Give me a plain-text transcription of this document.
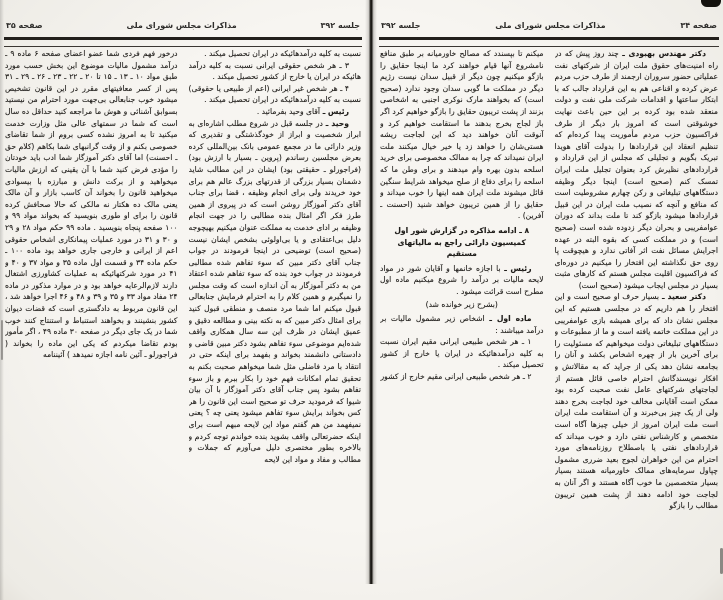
صفحه ۳۴
مذاکرات مجلس شورای ملی
جلسه ۳۹۲

دکتر مهندس بهبودی ـ چند روز پیش که در راه امنیت‌های حقوق ملت ایران از شرکتهای نفت عملیاتی حضور سروران ارجمند از طرف حزب مردم عرض کرده و اقناعی هم به این قرارداد جالب که با ابتکار ساعتها و اقدامات شرکت ملی نفت و دولت منعقد شده بود کرده بر این حین باعث نهایت خوشوقتی است که امروز بار دیگر از طرف فراکسیون حزب مردم مأموریت پیدا کرده‌ام که تنظیم انعقاد این قراردادها را بدولت آقای هویدا تبریک بگویم و تجلیلی که مجلس از این قرارداد و قراردادهای نظیرش کرد بعنوان تجلیل ملت ایران تمسک کنم (صحیح است) اینجا دیگر وظیفه دستگاههای تبلیغاتی و رکن چهارم مشروطیت است که منافع و آنچه که نصیب ملت ایران در این قبیل قراردادها میشود بازگو کند تا ملت بداند که دوران عوامفریبی و بحران دیگر زدوده شده است (صحیح است) و در مملکت کسی که بقوه البته در عهده اجرایش مسائل نفت اثر آفاتی ندارد و هیچوقت پا روی حق نگذاشته این افتخار را میکنیم در دوره‌ای که فراکسیون اقلیت مجلس هستم که کارهای مثبت بسیار در مجلس ایجاب میشود (صحیح است)

دکتر سعید ـ بسیار حرف او صحیح است و این افتخار را هم داریم که در مجلسی هستیم که این مجلس نشان داد که برای همیشه بازی عوامفریبی در این مملکت خاتمه یافته است و ما از مطبوعات و دستگاههای تبلیغاتی دولت میخواهیم که مسئولیت را برای آخرین بار از چهره اشخاص بکشد و آنان را بجامعه نشان دهد یکی از جراید که به مقالاتش و افکار نویسندگانش احترام خاصی قائل هستم از لجاجتهای شرکتهای عامل نفت صحبت کرده بود ممکن است آقایانی مخالف خود لجاجت بخرج دهند ولی از یک چیز بی‌خبرند و آن استقامت ملت ایران است ملت ایران امروز از خیلی چیزها آگاه است متخصص و کارشناس نفتی دارد و خوب میداند که قراردادهای نفتی یا باصطلاح روزنامه‌های مورد احترام من این خواهران لجوج بعید ضرری مشمول چپاول سرمایه‌های ممالک خاورمیانه هستند بسیار بسیار متخصصین ما خوب آگاه هستند و اگر آنان به لجاجت خود ادامه دهند از پشت همین تریبون مطالب را بازگو

میکنم تا بپسندد که مصالح خاورمیانه بر طبق منافع نامشروع آنها قیام خواهند کرد ما اینجا حقایق را بازگو میکنیم چون دیگر از قبیل سدان نیست رژیم دیگر در مملکت ما گوبی سدان وجود ندارد (صحیح است) که بخواهند مارک نوکری اجنبی به اشخاصی بزنند از پشت تریبون حقایق را بازگو خواهیم کرد اگر باز لجاج بخرج بدهند ما استقامت خواهیم کرد و آنوقت آنان خواهند دید که این لجاجت ریشه هستی‌شان را خواهد زد یا خیر خیال میکنند ملت ایران نمیداند که چرا به ممالک مخصوصی برای خرید اسلحه بدون بهره وام میدهند و برای وطن ما که اسلحه را برای دفاع از صلح میخواهد شرایط سنگین قائل میشوند ملت ایران همه اینها را خوب میداند و حقایق را از همین تریبون خواهد شنید (احسنت ـ آفرین) .

۸ ـ ادامه مذاکره در گزارش شور اول کمیسیون دارائی راجع به مالیاتهای مستقیم

رئیس ـ با اجازه خانمها و آقایان شور در مواد لایحه مالیات بر درآمد را شروع میکنیم ماده اول مطرح است قرائت میشود .

(بشرح زیر خوانده شد)

ماده اول ـ اشخاص زیر مشمول مالیات بر درآمد میباشند :

۱ ـ هر شخص طبیعی ایرانی مقیم ایران نسبت به کلیه درآمدهائیکه در ایران یا خارج از کشور تحصیل میکند .

۲ ـ هر شخص طبیعی ایرانی مقیم خارج از کشور

جلسه ۳۹۲
مذاکرات مجلس شورای ملی
صفحه ۳۵

نسبت به کلیه درآمدهائیکه در ایران تحصیل میکند .

۳ ـ هر شخص حقوقی ایرانی نسبت به کلیه درآمد هائیکه در ایران یا خارج از کشور تحصیل میکند .

۴ ـ هر شخص غیر ایرانی (اعم از طبیعی یا حقوقی) نسبت به کلیه درآمدهائیکه در ایران تحصیل میکند .

رئیس ـ آقای وحید بفرمائید .

وحید ـ در جلسه قبل در شروع مطلب اشاره‌ای به ابراز شخصیت و ابراز از خودگذشتگی و تقدیری که وزیر دارائی ما در مجمع عمومی بانک بین‌المللی کرده بعرض مجلسین رساندم (پروین ـ بسیار با ارزش بود) (فراجورلو ـ حقیقتی بود) ایشان در این مطالب شاید دشمنان بسیار بزرگی از قدرتهای بزرگ عالم هم برای خود خریدند ولی برای انجام وظیفه ، قضا برای جناب آقای دکتر آموزگار روشن است که در پیروی از همین طرز فکر اگر امثال بنده مطالبی را در جهت انجام وظیفه بر ادای خدمت به مملکت عنوان میکنیم بهیچوجه دلیل بی‌اعتقادی و یا بی‌اولوئی بشخص ایشان نیست (صحیح است) توضیحی در اینجا فرمودند در جواب جناب آقای دکتر مبین که سوء تفاهم شده مطالبی فرمودند در جواب خود بنده که سوء تفاهم شده اعتقاد من به دکتر آموزگار به آن اندازه است که وقت مجلس را نمیگیرم و همین کلام را به احترام فرمایش جنابعالی قبول میکنم اما شما مرد منصف و منطقی قبول کنید برای امثال دکتر مبین که به نکته بینی و مطالعه دقیق و عمیق ایشان در ظرف این سه سال همکاری واقف شده‌ایم موضوعی سوء تفاهم بشود دکتر مبین قاضی و دادستانی دانشمند بخواند و بفهمد برای اینکه حتی در انتقاد با مرد فاضلی مثل شما میخواهم صحبت بکنم به تحقیق تمام امکانات فهم خود را بکار ببرم و باز سوء تفاهم بشود پس جناب آقای دکتر آموزگار با آن بیان شیوا که فرمودید حرف تو صحیح است این قانون را هر کس بخواند برایش سوء تفاهم میشود یعنی چه ؟ یعنی نمیفهمد من هم گفتم مواد این لایحه مبهم است برای اینکه حضرتعالی واقف بشوید بنده خواندم توجه کردم و بالاخره بطور مختصری دلیل می‌آورم که جملات و مطالب و مفاد و مواد این لایحه

درخور فهم فردی شما عضو اعضای صفحه ۶ ماده ۹ ـ درآمد مشمول مالیات موضوع این بخش حسب مورد طبق مواد ۱۰ ـ ۱۳ ـ ۱۵ تا ۲۰ ـ ۲۲ ـ ۲۳ ـ ۲۶ ـ ۲۹ ـ ۳۱ پس از کسر معافیتهای مقرر در این قانون تشخیص میشود خوب جنابعالی بی‌جهت مورد احترام من نیستید بسوابق آشنائی و هوش ما مراجعه کنید حداقل ده سال است که شما در سمتهای عالی مثل وزارت خدمت میکنید تا به امروز نشده کسی بروم از شما تقاضای خصوصی بکنم و از وقت گرانبهای شما بکاهم (کلام حق ـ احسنت) اما آقای دکتر آموزگار شما ادب باید خودتان را مؤدی فرض کنید شما با آن یقینی که ارزش مالیات میخواهید و از برکت دانش و مبارزه با بیسوادی میخواهید قانون را بخواند آن کاسب بازار و آن مالک یعنی مالک ده هکتار نه مالکی که حالا صحافش کرده قانون را برای او طوری بنویسید که بخواند مواد ۹۹ و ۱۰۰ صفحه پنجاه بنویسید . ماده ۹۹ حکم مواد ۲۸ و ۲۹ و ۳۰ و ۳۱ در مورد عملیات پیمانکاری اشخاص حقوقی اعم از ایرانی و خارجی جاری خواهد بود ماده ۱۰۰ ـ حکم ماده ۳۴ و قسمت اول ماده ۳۵ و مواد ۳۷ و ۴۰ و ۴۱ در مورد شرکتهائیکه به عملیات کشاورزی اشتغال دارند لازم‌الرعایه خواهد بود و در موارد مذکور در ماده ۲۴ مفاد مواد ۳۳ و ۳۵ و ۳۹ و ۴۸ و ۴۶ اجرا خواهد شد ، این قانون مربوط به دادگستری است که قضات دیوان کشور بنشینند و بخواهند استنباط و استنتاج کنند خوب شما در یک جای دیگر در صفحه ۳۰ ماده ۴۹ ، اگر مأمور بودم تقاضا میکردم که یکی این ماده را بخواند ( فراجورلو ـ آئین نامه اجازه نمیدهد ) آئیننامه
